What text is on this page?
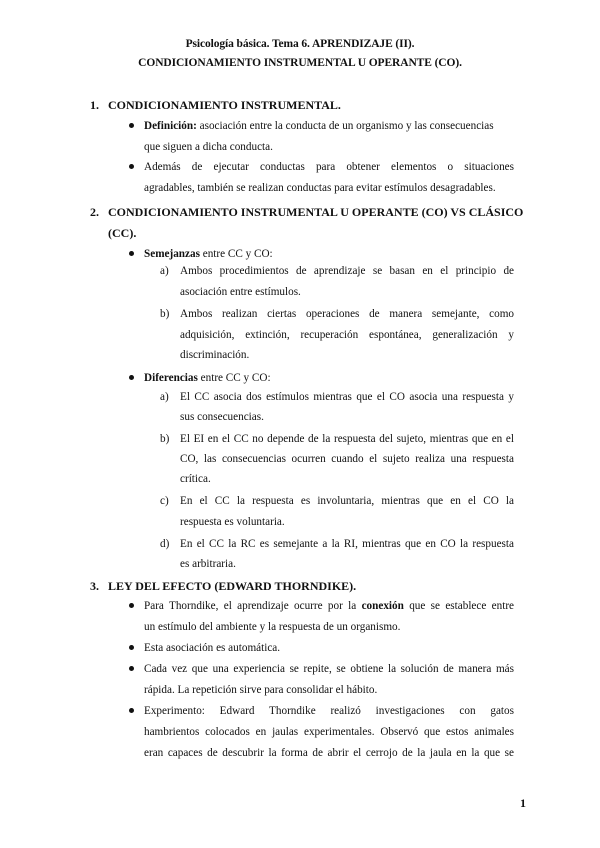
Psicología básica. Tema 6. APRENDIZAJE (II).
CONDICIONAMIENTO INSTRUMENTAL U OPERANTE (CO).
1. CONDICIONAMIENTO INSTRUMENTAL.
Definición: asociación entre la conducta de un organismo y las consecuencias
que siguen a dicha conducta.
Además de ejecutar conductas para obtener elementos o situaciones
agradables, también se realizan conductas para evitar estímulos desagradables.
2. CONDICIONAMIENTO INSTRUMENTAL U OPERANTE (CO) VS CLÁSICO
(CC).
Semejanzas entre CC y CO:
a) Ambos procedimientos de aprendizaje se basan en el principio de
asociación entre estímulos.
b) Ambos realizan ciertas operaciones de manera semejante, como
adquisición, extinción, recuperación espontánea, generalización y
discriminación.
Diferencias entre CC y CO:
a) El CC asocia dos estímulos mientras que el CO asocia una respuesta y
sus consecuencias.
b) El EI en el CC no depende de la respuesta del sujeto, mientras que en el
CO, las consecuencias ocurren cuando el sujeto realiza una respuesta
crítica.
c) En el CC la respuesta es involuntaria, mientras que en el CO la
respuesta es voluntaria.
d) En el CC la RC es semejante a la RI, mientras que en CO la respuesta
es arbitraria.
3. LEY DEL EFECTO (EDWARD THORNDIKE).
Para Thorndike, el aprendizaje ocurre por la conexión que se establece entre
un estímulo del ambiente y la respuesta de un organismo.
Esta asociación es automática.
Cada vez que una experiencia se repite, se obtiene la solución de manera más
rápida. La repetición sirve para consolidar el hábito.
Experimento: Edward Thorndike realizó investigaciones con gatos
hambrientos colocados en jaulas experimentales. Observó que estos animales
eran capaces de descubrir la forma de abrir el cerrojo de la jaula en la que se
1
